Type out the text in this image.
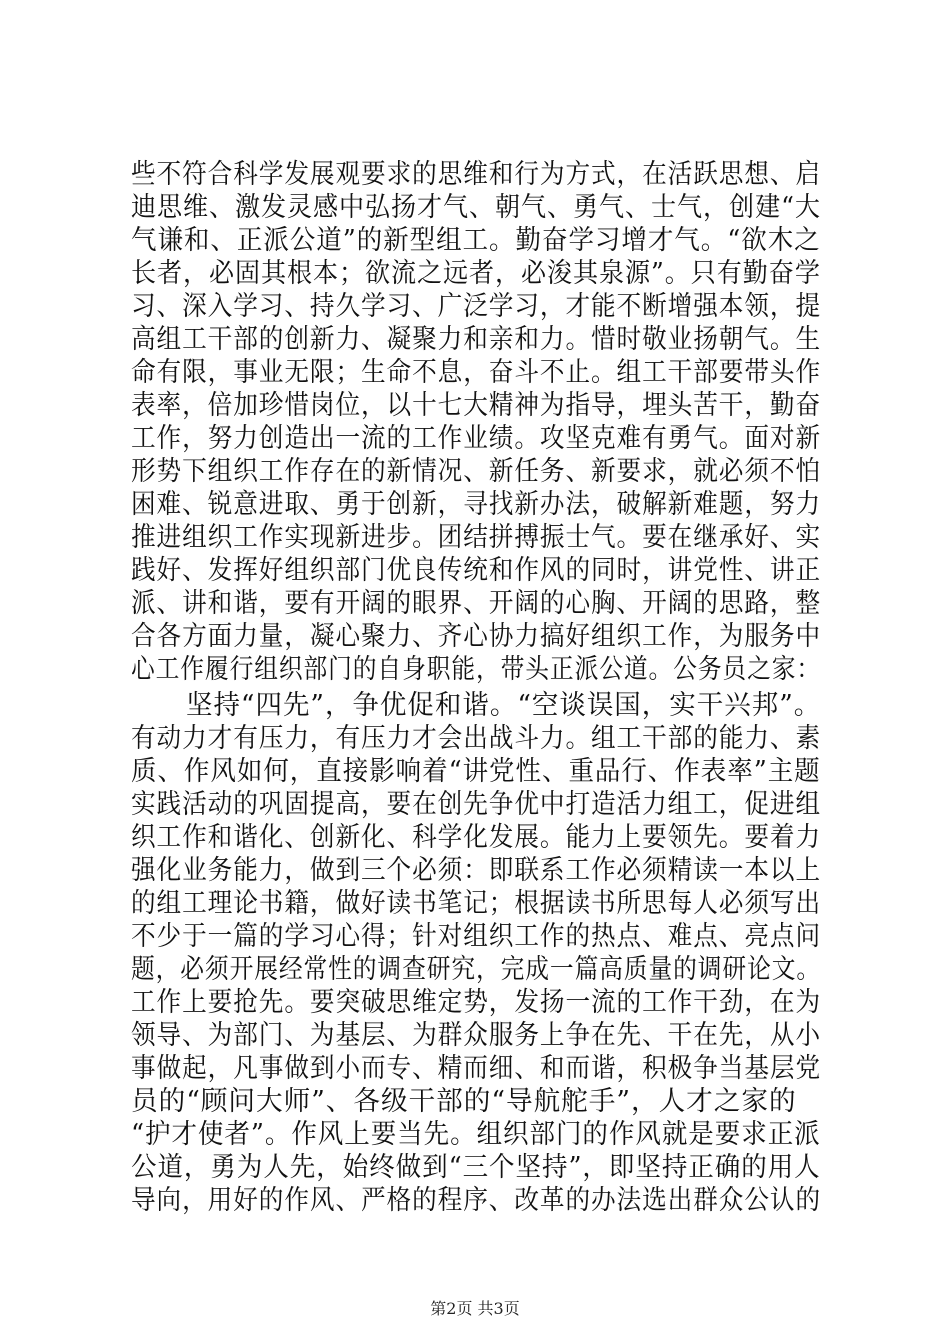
些不符合科学发展观要求的思维和行为方式，在活跃思想、启
迪思维、激发灵感中弘扬才气、朝气、勇气、士气，创建“大
气谦和、正派公道”的新型组工。勤奋学习增才气。“欲木之
长者，必固其根本；欲流之远者，必浚其泉源”。只有勤奋学
习、深入学习、持久学习、广泛学习，才能不断增强本领，提
高组工干部的创新力、凝聚力和亲和力。惜时敬业扬朝气。生
命有限，事业无限；生命不息，奋斗不止。组工干部要带头作
表率，倍加珍惜岗位，以十七大精神为指导，埋头苦干，勤奋
工作，努力创造出一流的工作业绩。攻坚克难有勇气。面对新
形势下组织工作存在的新情况、新任务、新要求，就必须不怕
困难、锐意进取、勇于创新，寻找新办法，破解新难题，努力
推进组织工作实现新进步。团结拼搏振士气。要在继承好、实
践好、发挥好组织部门优良传统和作风的同时，讲党性、讲正
派、讲和谐，要有开阔的眼界、开阔的心胸、开阔的思路，整
合各方面力量，凝心聚力、齐心协力搞好组织工作，为服务中
心工作履行组织部门的自身职能，带头正派公道。公务员之家：
　　坚持“四先”，争优促和谐。“空谈误国，实干兴邦”。
有动力才有压力，有压力才会出战斗力。组工干部的能力、素
质、作风如何，直接影响着“讲党性、重品行、作表率”主题
实践活动的巩固提高，要在创先争优中打造活力组工，促进组
织工作和谐化、创新化、科学化发展。能力上要领先。要着力
强化业务能力，做到三个必须：即联系工作必须精读一本以上
的组工理论书籍，做好读书笔记；根据读书所思每人必须写出
不少于一篇的学习心得；针对组织工作的热点、难点、亮点问
题，必须开展经常性的调查研究，完成一篇高质量的调研论文。
工作上要抢先。要突破思维定势，发扬一流的工作干劲，在为
领导、为部门、为基层、为群众服务上争在先、干在先，从小
事做起，凡事做到小而专、精而细、和而谐，积极争当基层党
员的“顾问大师”、各级干部的“导航舵手”，人才之家的
“护才使者”。作风上要当先。组织部门的作风就是要求正派
公道，勇为人先，始终做到“三个坚持”，即坚持正确的用人
导向，用好的作风、严格的程序、改革的办法选出群众公认的
第2页 共3页
